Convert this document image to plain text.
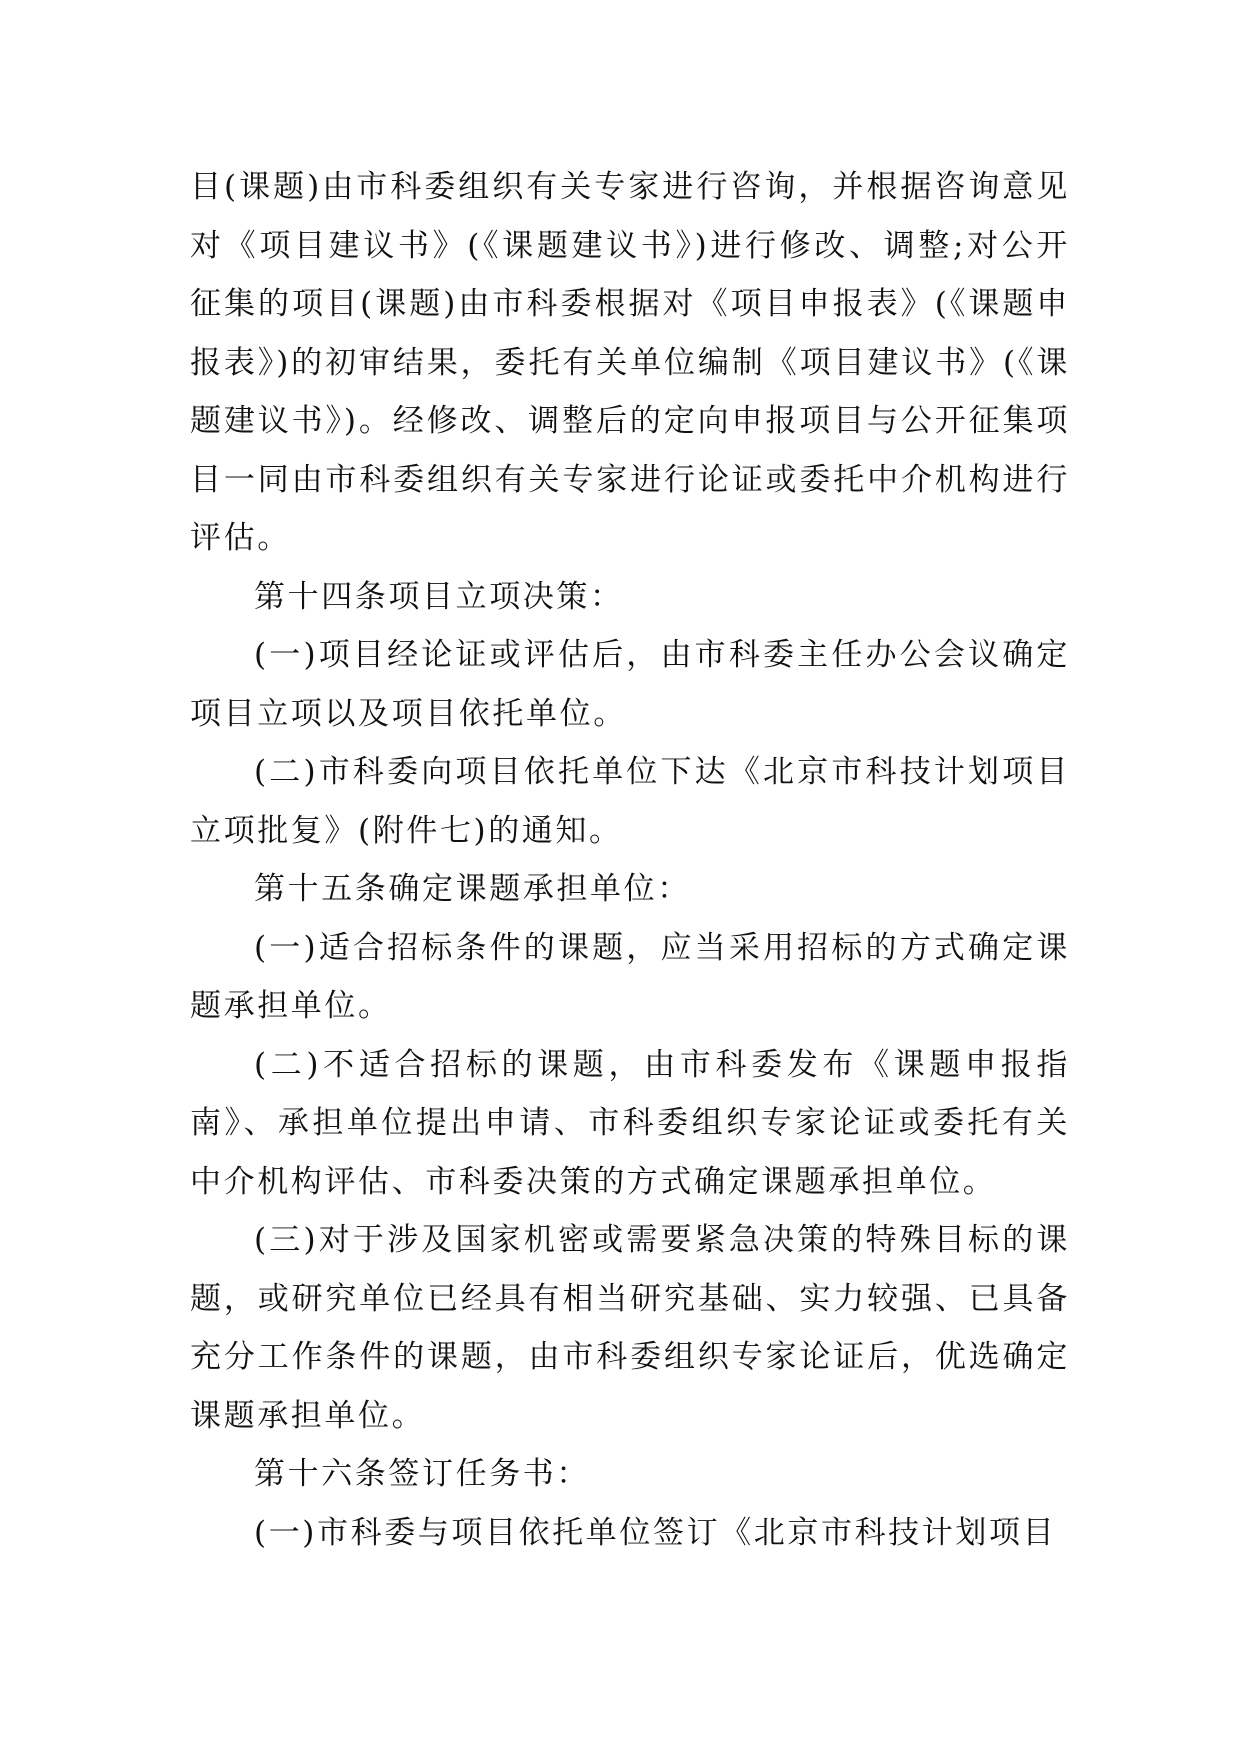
目(课题)由市科委组织有关专家进行咨询，并根据咨询意见对《项目建议书》(《课题建议书》)进行修改、调整;对公开征集的项目(课题)由市科委根据对《项目申报表》(《课题申报表》)的初审结果，委托有关单位编制《项目建议书》(《课题建议书》)。经修改、调整后的定向申报项目与公开征集项目一同由市科委组织有关专家进行论证或委托中介机构进行评估。

第十四条项目立项决策：

(一)项目经论证或评估后，由市科委主任办公会议确定项目立项以及项目依托单位。

(二)市科委向项目依托单位下达《北京市科技计划项目立项批复》(附件七)的通知。

第十五条确定课题承担单位：

(一)适合招标条件的课题，应当采用招标的方式确定课题承担单位。

(二)不适合招标的课题，由市科委发布《课题申报指南》、承担单位提出申请、市科委组织专家论证或委托有关中介机构评估、市科委决策的方式确定课题承担单位。

(三)对于涉及国家机密或需要紧急决策的特殊目标的课题，或研究单位已经具有相当研究基础、实力较强、已具备充分工作条件的课题，由市科委组织专家论证后，优选确定课题承担单位。

第十六条签订任务书：

(一)市科委与项目依托单位签订《北京市科技计划项目
